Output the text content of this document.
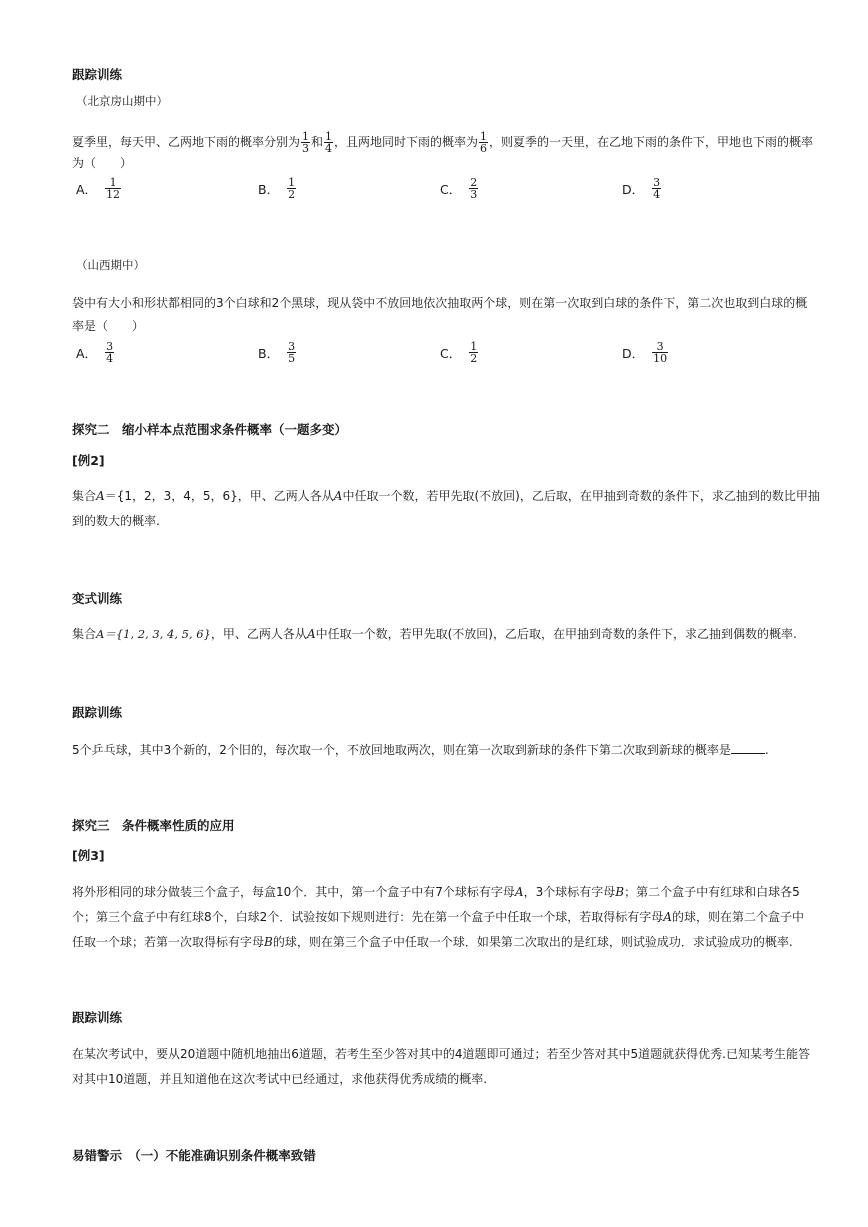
跟踪训练
（北京房山期中）
夏季里，每天甲、乙两地下雨的概率分别为 $\frac{1}{3}$ 和 $\frac{1}{4}$ ，且两地同时下雨的概率为 $\frac{1}{6}$ ，则夏季的一天里，在乙地下雨的条件下，甲地也下雨的概率
为（　　）
A． $\frac{1}{12}$	B． $\frac{1}{2}$	C． $\frac{2}{3}$	D． $\frac{3}{4}$
（山西期中）
袋中有大小和形状都相同的3个白球和2个黑球，现从袋中不放回地依次抽取两个球，则在第一次取到白球的条件下，第二次也取到白球的概
率是（　　）
A． $\frac{3}{4}$	B． $\frac{3}{5}$	C． $\frac{1}{2}$	D． $\frac{3}{10}$
探究二　缩小样本点范围求条件概率（一题多变）
[例2]
集合A＝{1，2，3，4，5，6}，甲、乙两人各从A中任取一个数，若甲先取(不放回)，乙后取，在甲抽到奇数的条件下，求乙抽到的数比甲抽
到的数大的概率.
变式训练
集合A＝{1, 2, 3, 4, 5, 6}，甲、乙两人各从A中任取一个数，若甲先取(不放回)，乙后取，在甲抽到奇数的条件下，求乙抽到偶数的概率.
跟踪训练
5个乒乓球，其中3个新的，2个旧的，每次取一个，不放回地取两次，则在第一次取到新球的条件下第二次取到新球的概率是	.
探究三　条件概率性质的应用
[例3]
将外形相同的球分做装三个盒子，每盒10个．其中，第一个盒子中有7个球标有字母A，3个球标有字母B；第二个盒子中有红球和白球各5
个；第三个盒子中有红球8个，白球2个．试验按如下规则进行：先在第一个盒子中任取一个球，若取得标有字母A的球，则在第二个盒子中
任取一个球；若第一次取得标有字母B的球，则在第三个盒子中任取一个球．如果第二次取出的是红球，则试验成功．求试验成功的概率.
跟踪训练
在某次考试中，要从20道题中随机地抽出6道题，若考生至少答对其中的4道题即可通过；若至少答对其中5道题就获得优秀.已知某考生能答
对其中10道题，并且知道他在这次考试中已经通过，求他获得优秀成绩的概率.
易错警示　（一）不能准确识别条件概率致错
